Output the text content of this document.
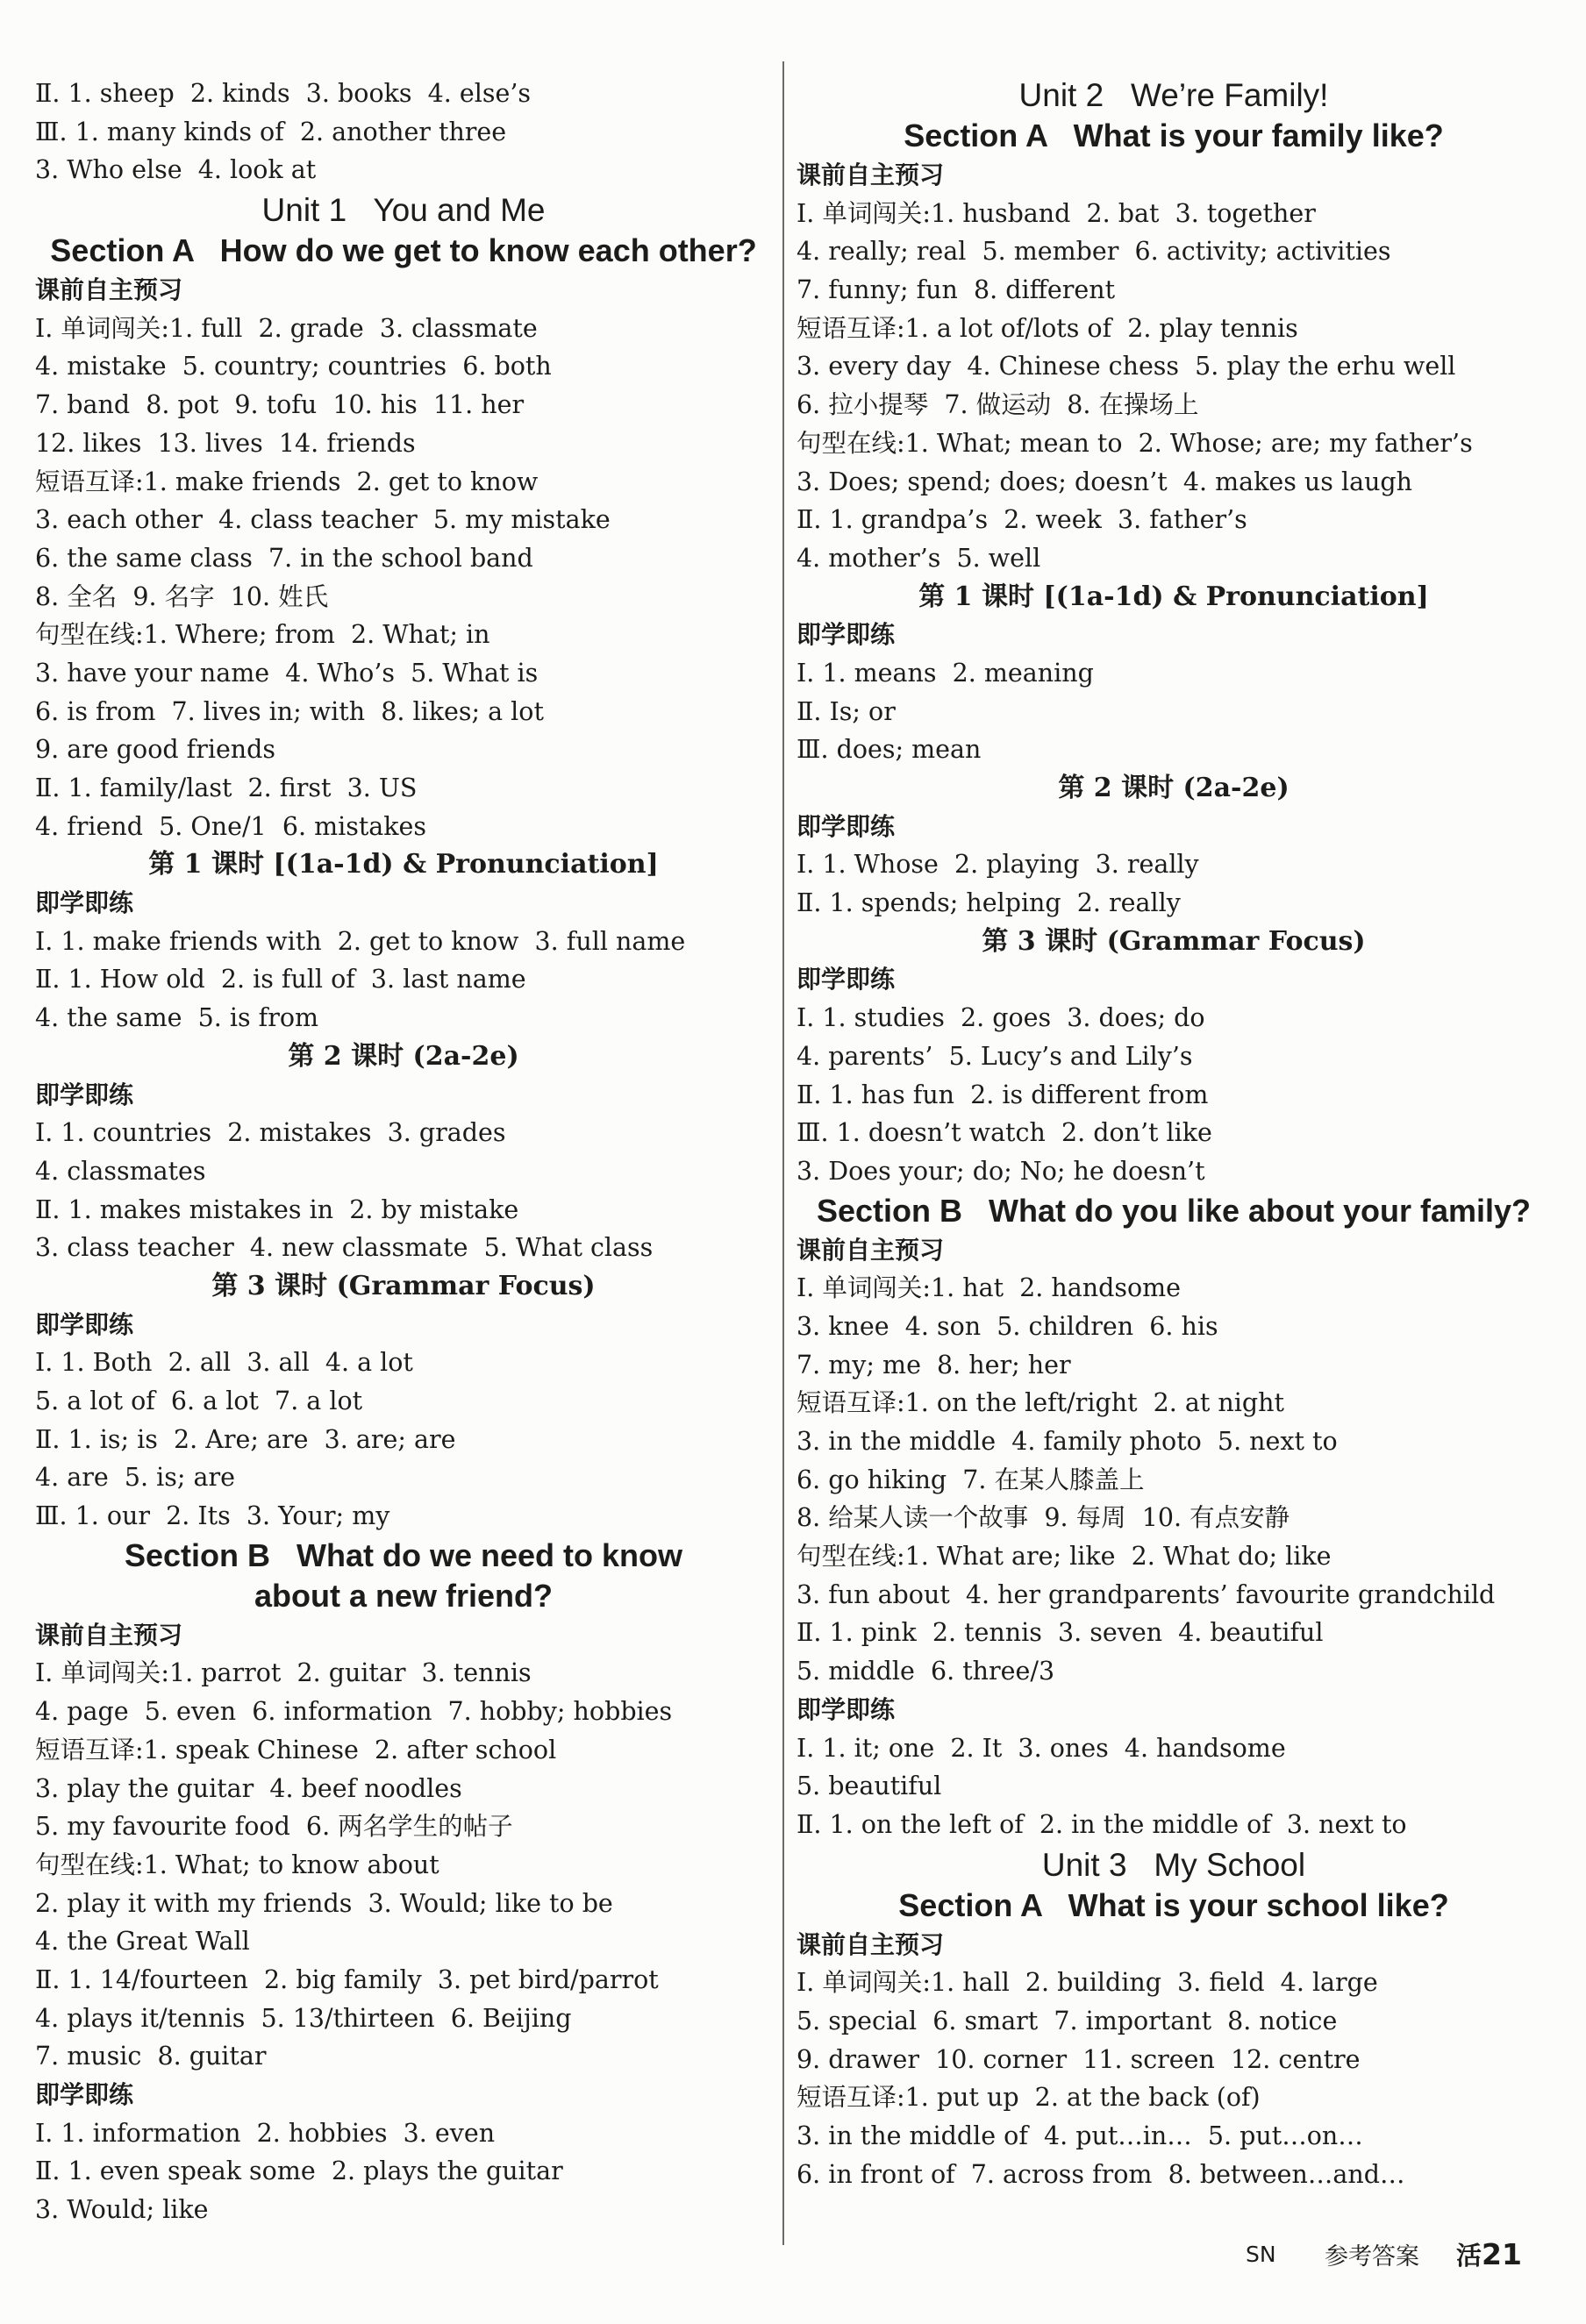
Ⅱ. 1. sheep  2. kinds  3. books  4. else’s
Ⅲ. 1. many kinds of  2. another three
3. Who else  4. look at
Unit 1   You and Me
Section A   How do we get to know each other?
课前自主预习
Ⅰ. 单词闯关:1. full  2. grade  3. classmate
4. mistake  5. country; countries  6. both
7. band  8. pot  9. tofu  10. his  11. her
12. likes  13. lives  14. friends
短语互译:1. make friends  2. get to know
3. each other  4. class teacher  5. my mistake
6. the same class  7. in the school band
8. 全名  9. 名字  10. 姓氏
句型在线:1. Where; from  2. What; in
3. have your name  4. Who’s  5. What is
6. is from  7. lives in; with  8. likes; a lot
9. are good friends
Ⅱ. 1. family/last  2. first  3. US
4. friend  5. One/1  6. mistakes
第 1 课时 [(1a-1d) & Pronunciation]
即学即练
Ⅰ. 1. make friends with  2. get to know  3. full name
Ⅱ. 1. How old  2. is full of  3. last name
4. the same  5. is from
第 2 课时 (2a-2e)
即学即练
Ⅰ. 1. countries  2. mistakes  3. grades
4. classmates
Ⅱ. 1. makes mistakes in  2. by mistake
3. class teacher  4. new classmate  5. What class
第 3 课时 (Grammar Focus)
即学即练
Ⅰ. 1. Both  2. all  3. all  4. a lot
5. a lot of  6. a lot  7. a lot
Ⅱ. 1. is; is  2. Are; are  3. are; are
4. are  5. is; are
Ⅲ. 1. our  2. Its  3. Your; my
Section B   What do we need to know
about a new friend?
课前自主预习
Ⅰ. 单词闯关:1. parrot  2. guitar  3. tennis
4. page  5. even  6. information  7. hobby; hobbies
短语互译:1. speak Chinese  2. after school
3. play the guitar  4. beef noodles
5. my favourite food  6. 两名学生的帖子
句型在线:1. What; to know about
2. play it with my friends  3. Would; like to be
4. the Great Wall
Ⅱ. 1. 14/fourteen  2. big family  3. pet bird/parrot
4. plays it/tennis  5. 13/thirteen  6. Beijing
7. music  8. guitar
即学即练
Ⅰ. 1. information  2. hobbies  3. even
Ⅱ. 1. even speak some  2. plays the guitar
3. Would; like
Unit 2   We’re Family!
Section A   What is your family like?
课前自主预习
Ⅰ. 单词闯关:1. husband  2. bat  3. together
4. really; real  5. member  6. activity; activities
7. funny; fun  8. different
短语互译:1. a lot of/lots of  2. play tennis
3. every day  4. Chinese chess  5. play the erhu well
6. 拉小提琴  7. 做运动  8. 在操场上
句型在线:1. What; mean to  2. Whose; are; my father’s
3. Does; spend; does; doesn’t  4. makes us laugh
Ⅱ. 1. grandpa’s  2. week  3. father’s
4. mother’s  5. well
第 1 课时 [(1a-1d) & Pronunciation]
即学即练
Ⅰ. 1. means  2. meaning
Ⅱ. Is; or
Ⅲ. does; mean
第 2 课时 (2a-2e)
即学即练
Ⅰ. 1. Whose  2. playing  3. really
Ⅱ. 1. spends; helping  2. really
第 3 课时 (Grammar Focus)
即学即练
Ⅰ. 1. studies  2. goes  3. does; do
4. parents’  5. Lucy’s and Lily’s
Ⅱ. 1. has fun  2. is different from
Ⅲ. 1. doesn’t watch  2. don’t like
3. Does your; do; No; he doesn’t
Section B   What do you like about your family?
课前自主预习
Ⅰ. 单词闯关:1. hat  2. handsome
3. knee  4. son  5. children  6. his
7. my; me  8. her; her
短语互译:1. on the left/right  2. at night
3. in the middle  4. family photo  5. next to
6. go hiking  7. 在某人膝盖上
8. 给某人读一个故事  9. 每周  10. 有点安静
句型在线:1. What are; like  2. What do; like
3. fun about  4. her grandparents’ favourite grandchild
Ⅱ. 1. pink  2. tennis  3. seven  4. beautiful
5. middle  6. three/3
即学即练
Ⅰ. 1. it; one  2. It  3. ones  4. handsome
5. beautiful
Ⅱ. 1. on the left of  2. in the middle of  3. next to
Unit 3   My School
Section A   What is your school like?
课前自主预习
Ⅰ. 单词闯关:1. hall  2. building  3. field  4. large
5. special  6. smart  7. important  8. notice
9. drawer  10. corner  11. screen  12. centre
短语互译:1. put up  2. at the back (of)
3. in the middle of  4. put…in…  5. put…on…
6. in front of  7. across from  8. between…and…
SN	参考答案	活 21
